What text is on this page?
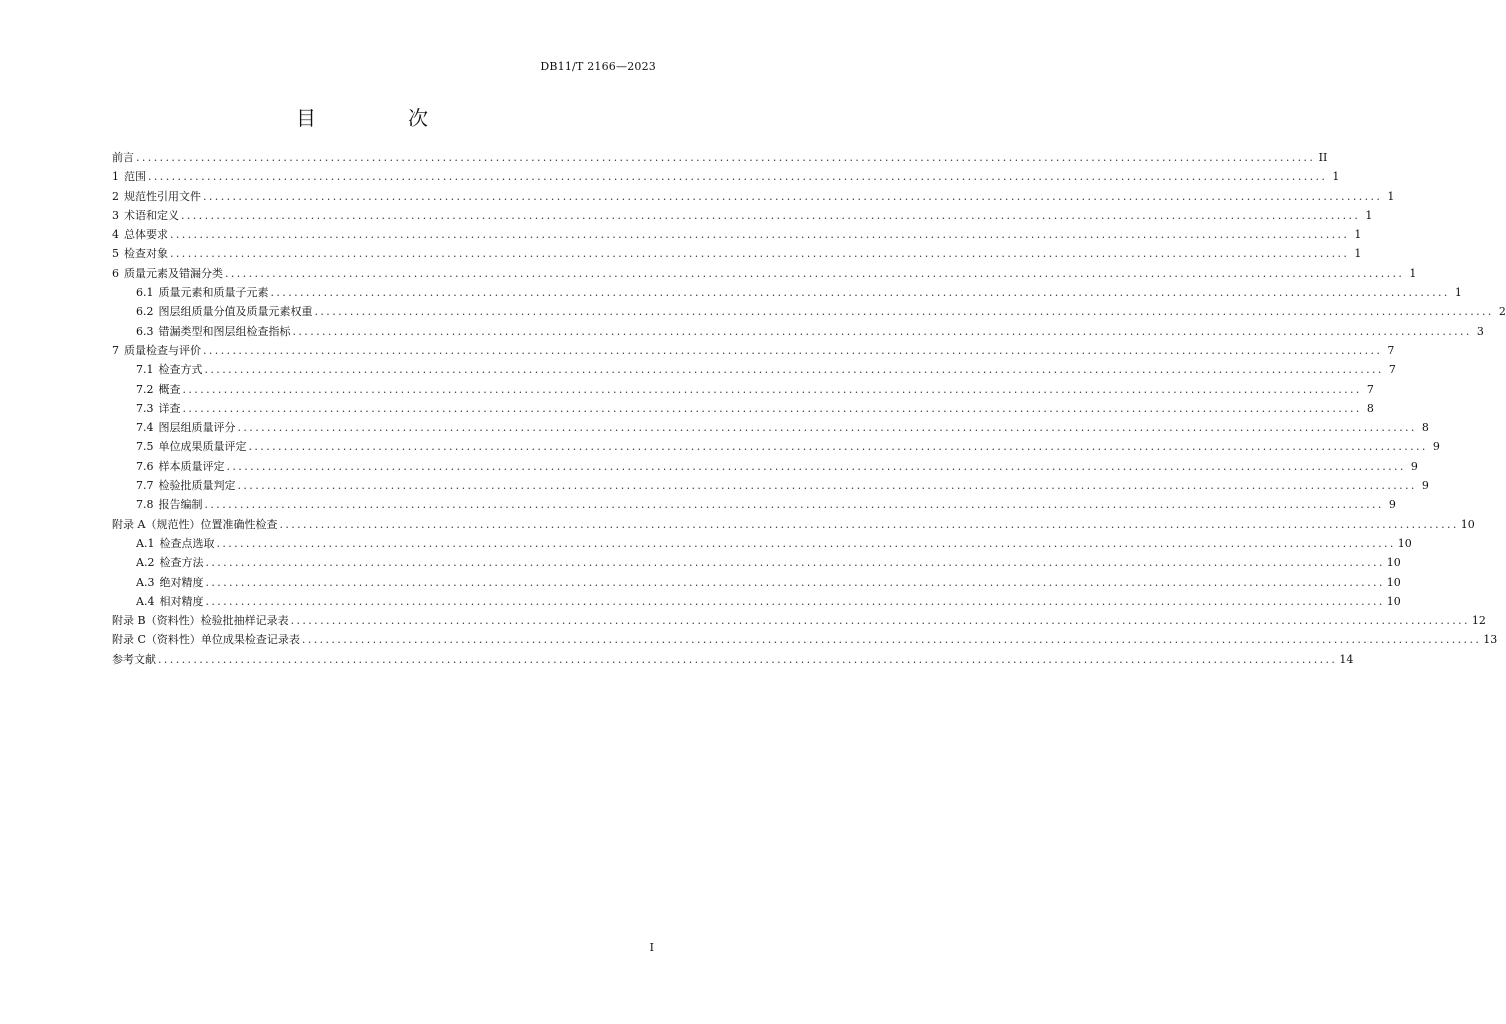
DB11/T 2166—2023
目　次
前言 ........................................................................................................................................................................................................ II
1 范围 ........................................................................................................................................................................................................ 1
2 规范性引用文件 ........................................................................................................................................................................................................ 1
3 术语和定义 ........................................................................................................................................................................................................ 1
4 总体要求 ........................................................................................................................................................................................................ 1
5 检查对象 ........................................................................................................................................................................................................ 1
6 质量元素及错漏分类 ........................................................................................................................................................................................................ 1
6.1 质量元素和质量子元素 ........................................................................................................................................................................................................ 1
6.2 图层组质量分值及质量元素权重 ........................................................................................................................................................................................................ 2
6.3 错漏类型和图层组检查指标 ........................................................................................................................................................................................................ 3
7 质量检查与评价 ........................................................................................................................................................................................................ 7
7.1 检查方式 ........................................................................................................................................................................................................ 7
7.2 概查 ........................................................................................................................................................................................................ 7
7.3 详查 ........................................................................................................................................................................................................ 8
7.4 图层组质量评分 ........................................................................................................................................................................................................ 8
7.5 单位成果质量评定 ........................................................................................................................................................................................................ 9
7.6 样本质量评定 ........................................................................................................................................................................................................ 9
7.7 检验批质量判定 ........................................................................................................................................................................................................ 9
7.8 报告编制 ........................................................................................................................................................................................................ 9
附录 A（规范性）位置准确性检查 ........................................................................................................................................................................................................ 10
A.1 检查点选取 ........................................................................................................................................................................................................ 10
A.2 检查方法 ........................................................................................................................................................................................................ 10
A.3 绝对精度 ........................................................................................................................................................................................................ 10
A.4 相对精度 ........................................................................................................................................................................................................ 10
附录 B（资料性）检验批抽样记录表 ........................................................................................................................................................................................................ 12
附录 C（资料性）单位成果检查记录表 ........................................................................................................................................................................................................ 13
参考文献 ........................................................................................................................................................................................................ 14
I
